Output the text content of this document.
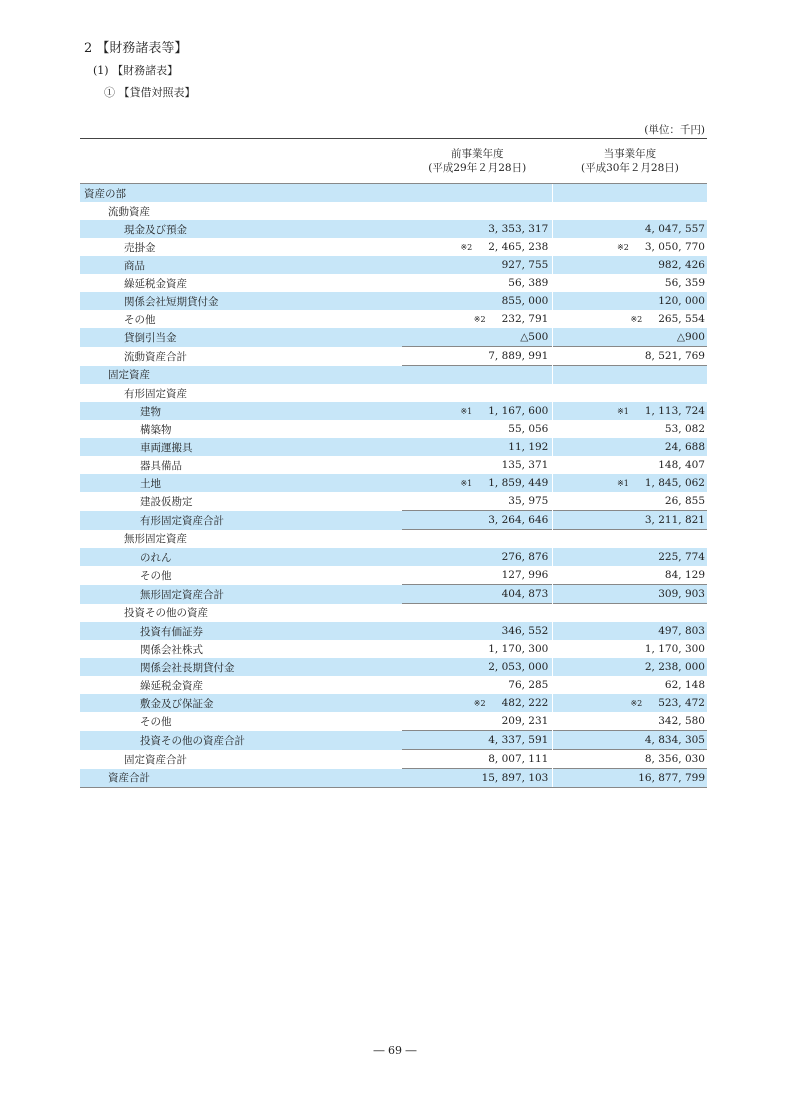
2 【財務諸表等】
(1) 【財務諸表】
① 【貸借対照表】
(単位：千円)

前事業年度
(平成29年２月28日)

当事業年度
(平成30年２月28日)

資産の部		
流動資産		
現金及び預金	3, 353, 317	4, 047, 557
売掛金	※2 2, 465, 238	※2 3, 050, 770
商品	927, 755	982, 426
繰延税金資産	56, 389	56, 359
関係会社短期貸付金	855, 000	120, 000
その他	※2 232, 791	※2 265, 554
貸倒引当金	△500	△900
流動資産合計	7, 889, 991	8, 521, 769
固定資産		
有形固定資産		
建物	※1 1, 167, 600	※1 1, 113, 724
構築物	55, 056	53, 082
車両運搬具	11, 192	24, 688
器具備品	135, 371	148, 407
土地	※1 1, 859, 449	※1 1, 845, 062
建設仮勘定	35, 975	26, 855
有形固定資産合計	3, 264, 646	3, 211, 821
無形固定資産		
のれん	276, 876	225, 774
その他	127, 996	84, 129
無形固定資産合計	404, 873	309, 903
投資その他の資産		
投資有価証券	346, 552	497, 803
関係会社株式	1, 170, 300	1, 170, 300
関係会社長期貸付金	2, 053, 000	2, 238, 000
繰延税金資産	76, 285	62, 148
敷金及び保証金	※2 482, 222	※2 523, 472
その他	209, 231	342, 580
投資その他の資産合計	4, 337, 591	4, 834, 305
固定資産合計	8, 007, 111	8, 356, 030
資産合計	15, 897, 103	16, 877, 799
― 69 ―
